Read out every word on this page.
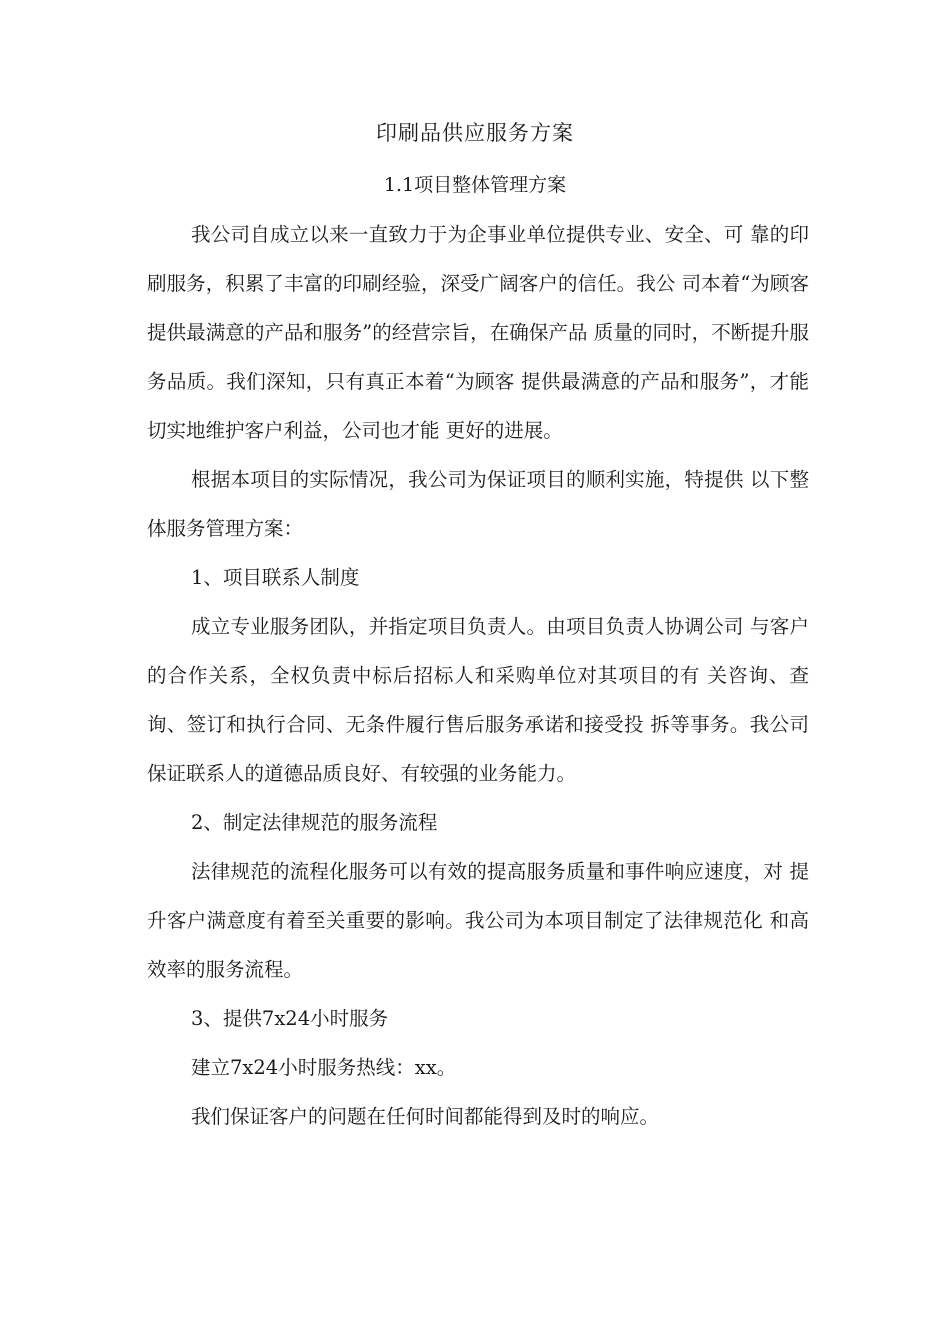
印刷品供应服务方案
1.1项目整体管理方案

我公司自成立以来一直致力于为企事业单位提供专业、安全、可 靠的印刷服务，积累了丰富的印刷经验，深受广阔客户的信任。我公 司本着“为顾客提供最满意的产品和服务”的经营宗旨，在确保产品 质量的同时，不断提升服务品质。我们深知，只有真正本着“为顾客 提供最满意的产品和服务”，才能切实地维护客户利益，公司也才能 更好的进展。

根据本项目的实际情况，我公司为保证项目的顺利实施，特提供 以下整体服务管理方案：

1、项目联系人制度

成立专业服务团队，并指定项目负责人。由项目负责人协调公司 与客户的合作关系，全权负责中标后招标人和采购单位对其项目的有 关咨询、查询、签订和执行合同、无条件履行售后服务承诺和接受投 拆等事务。我公司保证联系人的道德品质良好、有较强的业务能力。

2、制定法律规范的服务流程

法律规范的流程化服务可以有效的提高服务质量和事件响应速度，对 提升客户满意度有着至关重要的影响。我公司为本项目制定了法律规范化 和高效率的服务流程。

3、提供7x24小时服务

建立7x24小时服务热线：xx。

我们保证客户的问题在任何时间都能得到及时的响应。
